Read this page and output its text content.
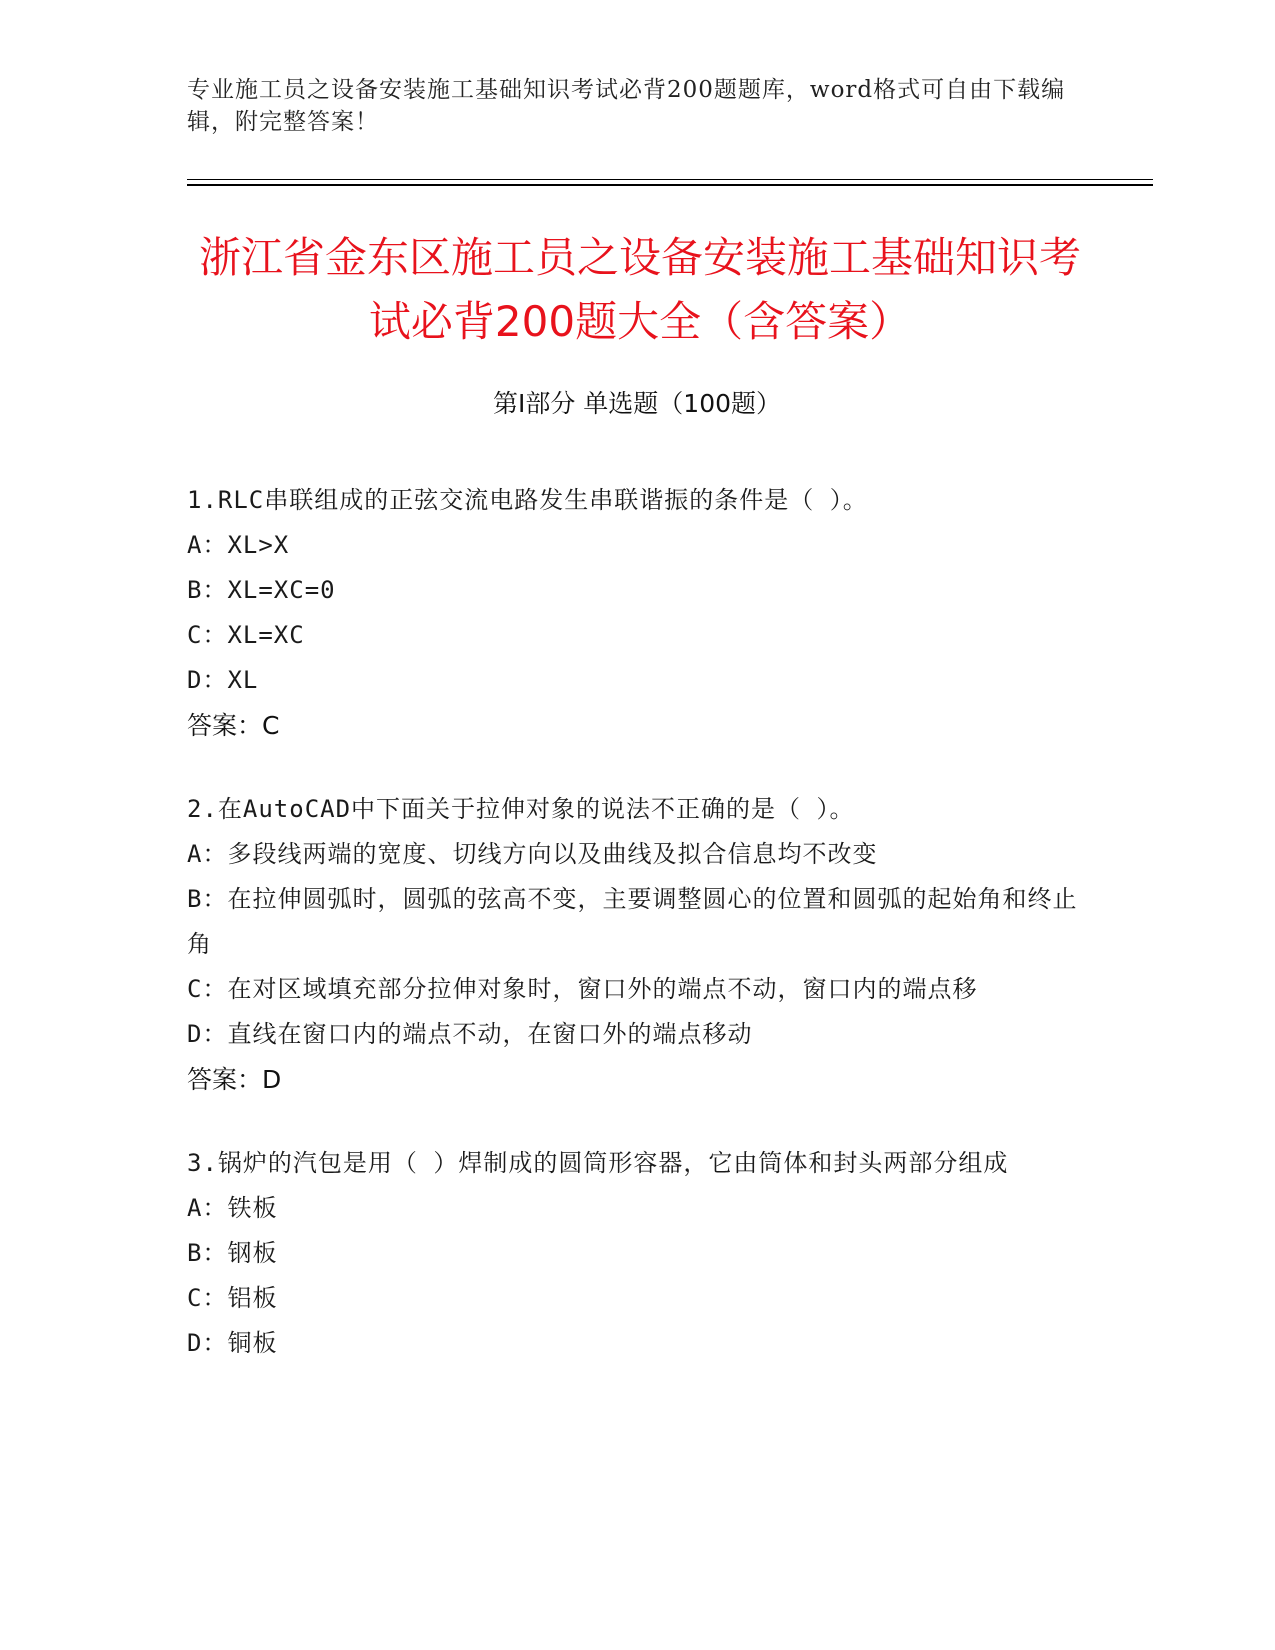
专业施工员之设备安装施工基础知识考试必背200题题库，word格式可自由下载编辑，附完整答案！
浙江省金东区施工员之设备安装施工基础知识考试必背200题大全（含答案）
第I部分 单选题（100题）

1.RLC串联组成的正弦交流电路发生串联谐振的条件是（ ）。

A：XL>X

B：XL=XC=0

C：XL=XC

D：XL

答案：C

2.在AutoCAD中下面关于拉伸对象的说法不正确的是（ ）。

A：多段线两端的宽度、切线方向以及曲线及拟合信息均不改变

B：在拉伸圆弧时，圆弧的弦高不变，主要调整圆心的位置和圆弧的起始角和终止角

C：在对区域填充部分拉伸对象时，窗口外的端点不动，窗口内的端点移

D：直线在窗口内的端点不动，在窗口外的端点移动

答案：D

3.锅炉的汽包是用（ ）焊制成的圆筒形容器，它由筒体和封头两部分组成

A：铁板

B：钢板

C：铝板

D：铜板
